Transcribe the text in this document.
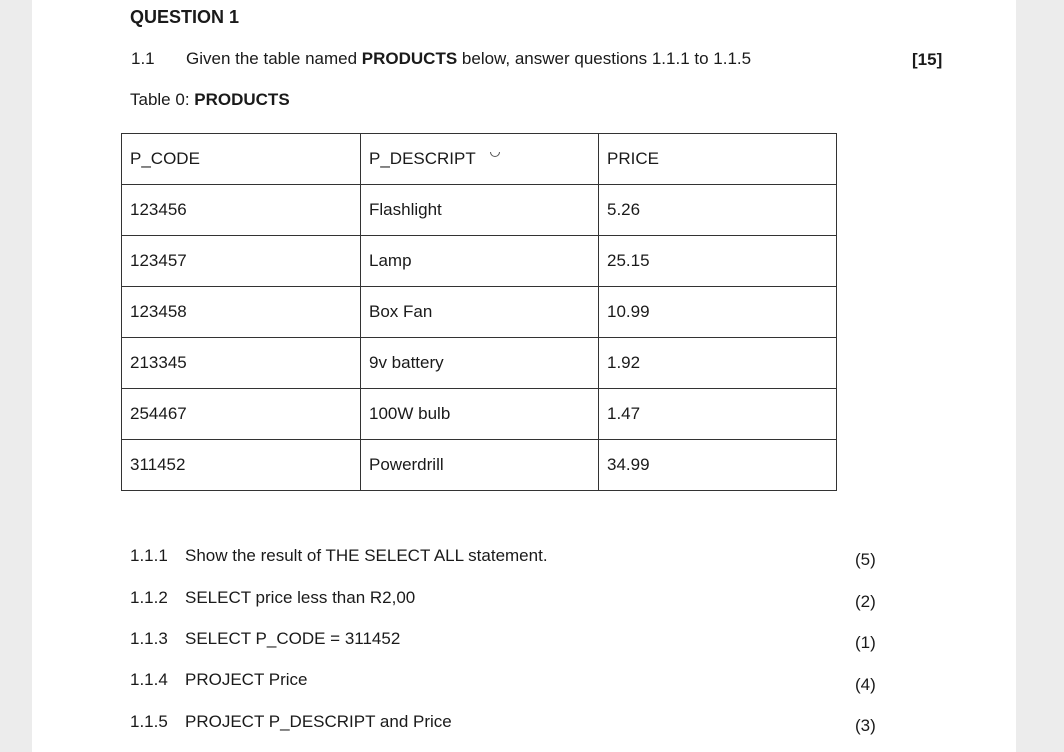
QUESTION 1
1.1 Given the table named PRODUCTS below, answer questions 1.1.1 to 1.1.5	[15]
Table 0: PRODUCTS
P_CODE	P_DESCRIPT	PRICE
123456	Flashlight	5.26
123457	Lamp	25.15
123458	Box Fan	10.99
213345	9v battery	1.92
254467	100W bulb	1.47
311452	Powerdrill	34.99
1.1.1 Show the result of THE SELECT ALL statement.	(5)
1.1.2 SELECT price less than R2,00	(2)
1.1.3 SELECT P_CODE = 311452	(1)
1.1.4 PROJECT Price	(4)
1.1.5 PROJECT P_DESCRIPT and Price	(3)
